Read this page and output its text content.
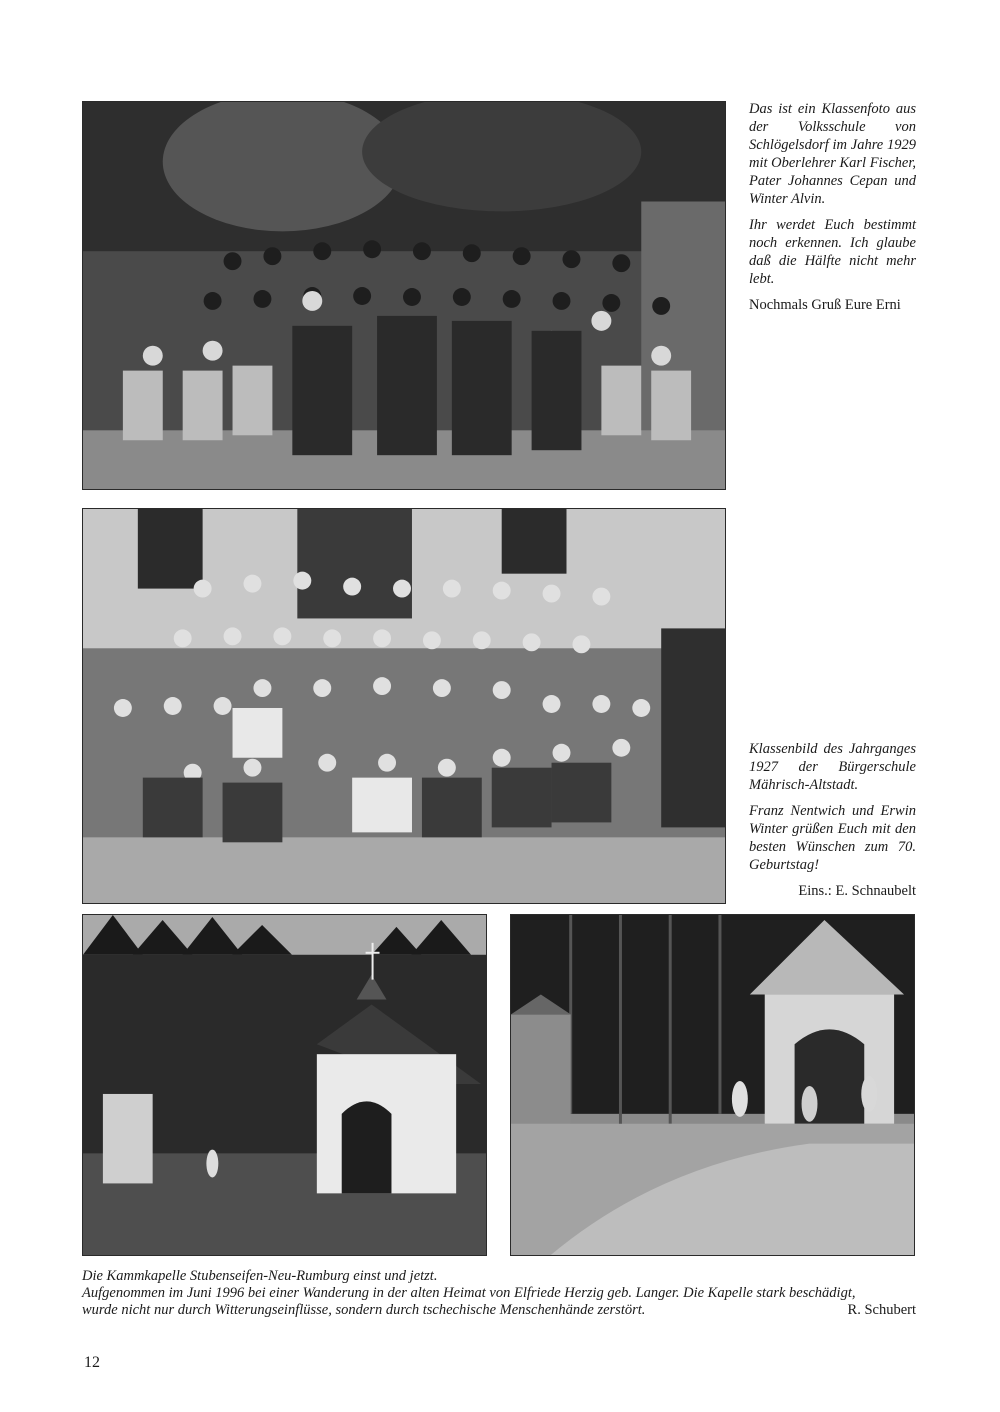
Das ist ein Klassenfoto aus der Volksschule von Schlögelsdorf im Jahre 1929 mit Oberlehrer Karl Fischer, Pater Johannes Cepan und Winter Alvin.

Ihr werdet Euch bestimmt noch erkennen. Ich glaube daß die Hälfte nicht mehr lebt.

Nochmals Gruß Eure Erni

Klassenbild des Jahrganges 1927 der Bürgerschule Mährisch-Altstadt.

Franz Nentwich und Erwin Winter grüßen Euch mit den besten Wünschen zum 70. Geburtstag!

Eins.: E. Schnaubelt

Die Kammkapelle Stubenseifen-Neu-Rumburg einst und jetzt.
Aufgenommen im Juni 1996 bei einer Wanderung in der alten Heimat von Elfriede Herzig geb. Langer. Die Kapelle stark beschädigt,
wurde nicht nur durch Witterungseinflüsse, sondern durch tschechische Menschenhände zerstört.	R. Schubert
12
